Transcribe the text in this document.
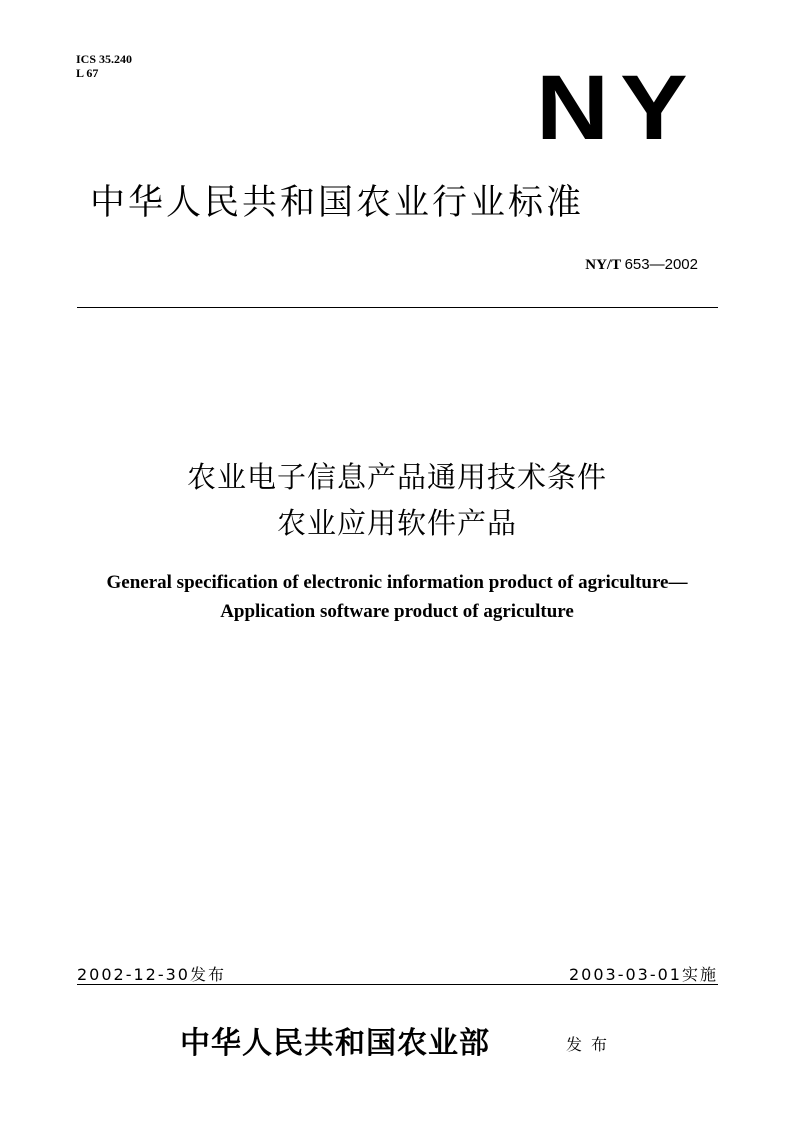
ICS 35.240
L 67	NY
中华人民共和国农业行业标准
NY/T 653—2002
农业电子信息产品通用技术条件
农业应用软件产品
General specification of electronic information product of agriculture—
Application software product of agriculture
2002-12-30发布	2003-03-01实施
中华人民共和国农业部	发布
